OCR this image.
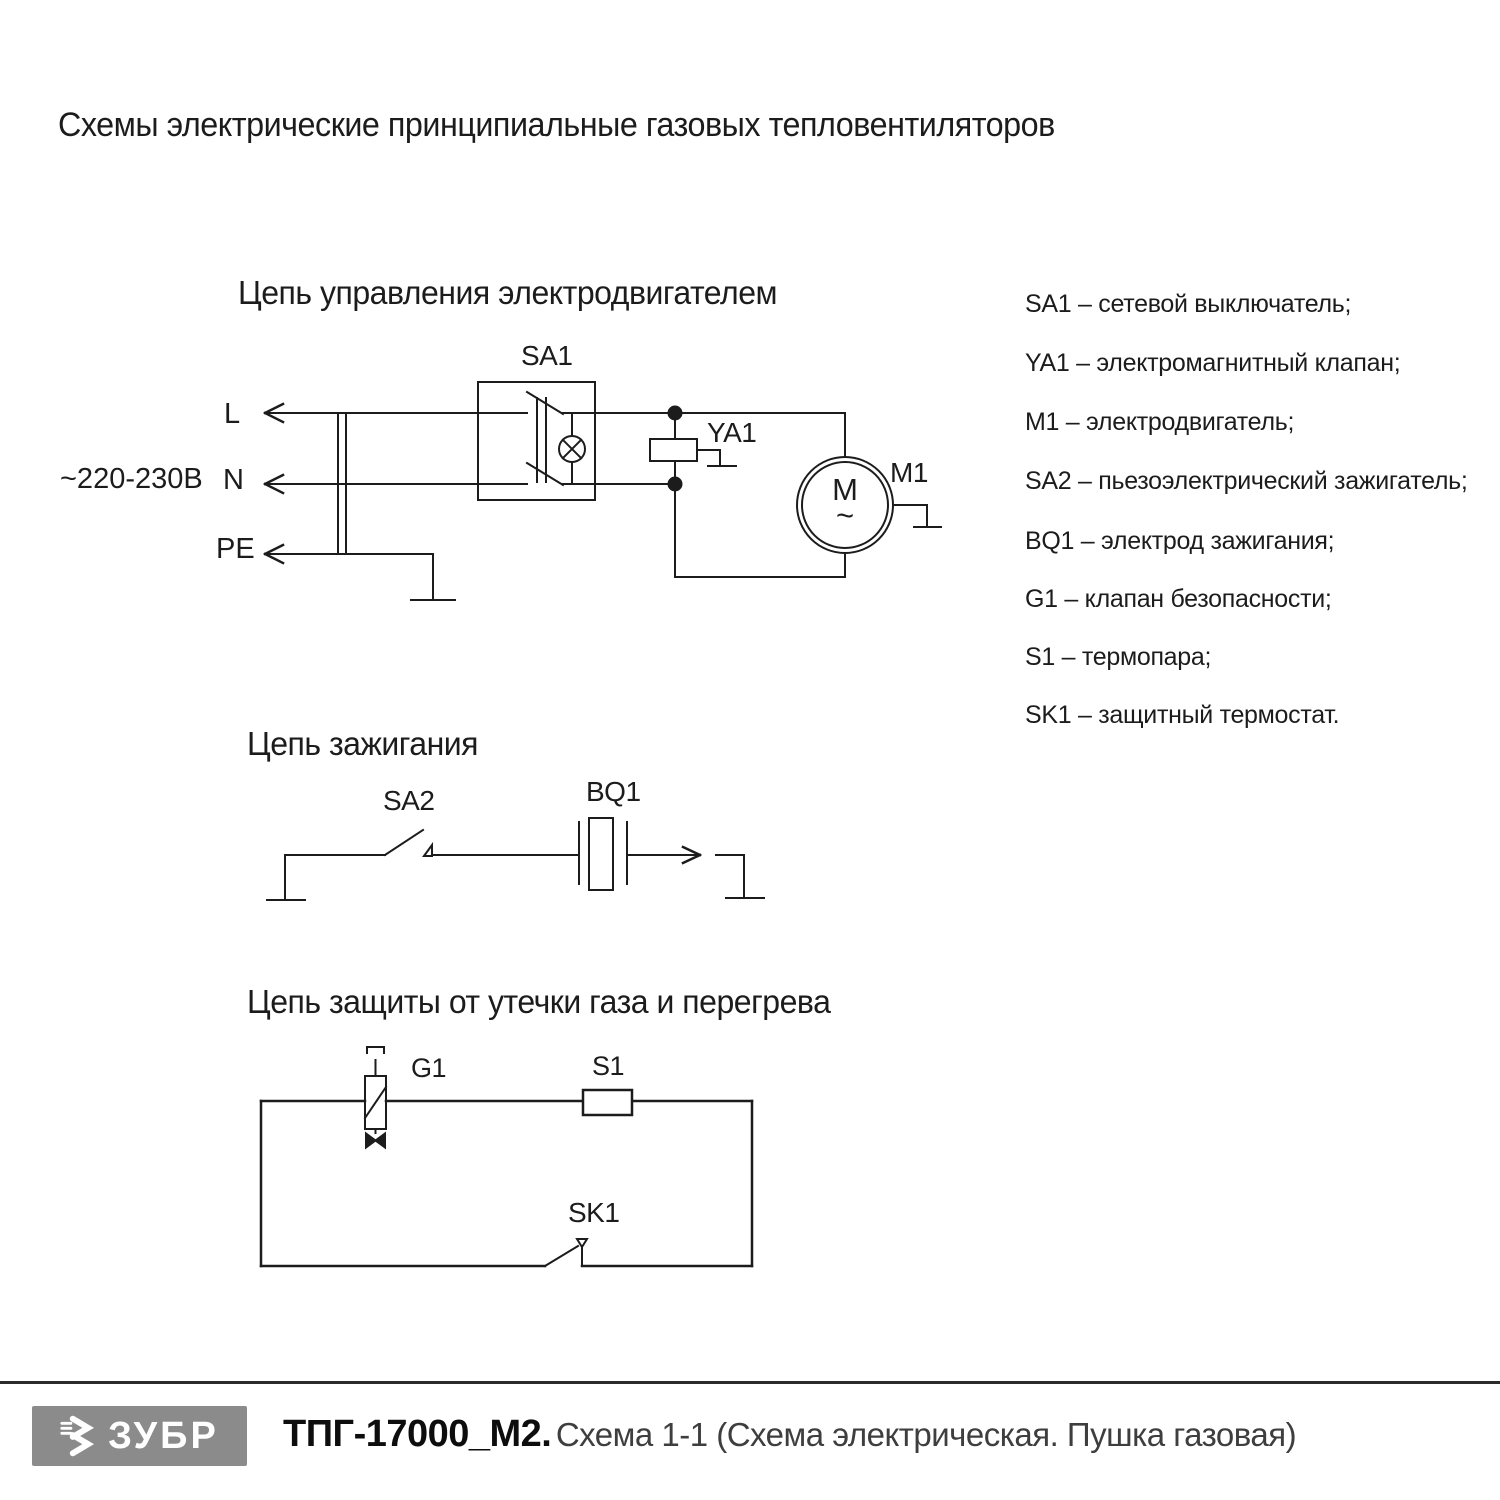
Схемы электрические принципиальные газовых тепловентиляторов
Цепь управления электродвигателем
Цепь зажигания
Цепь защиты от утечки газа и перегрева
SA1 – сетевой выключатель;
YA1 – электромагнитный клапан;
M1 – электродвигатель;
SA2 – пьезоэлектрический зажигатель;
BQ1 – электрод зажигания;
G1 – клапан безопасности;
S1 – термопара;
SK1 – защитный термостат.
~220-230В
L
N
PE
SA1
YA1
M1
M
~
SA2	BQ1
G1	S1
SK1
ЗУБР ТПГ-17000_М2. Схема 1-1 (Схема электрическая. Пушка газовая)
